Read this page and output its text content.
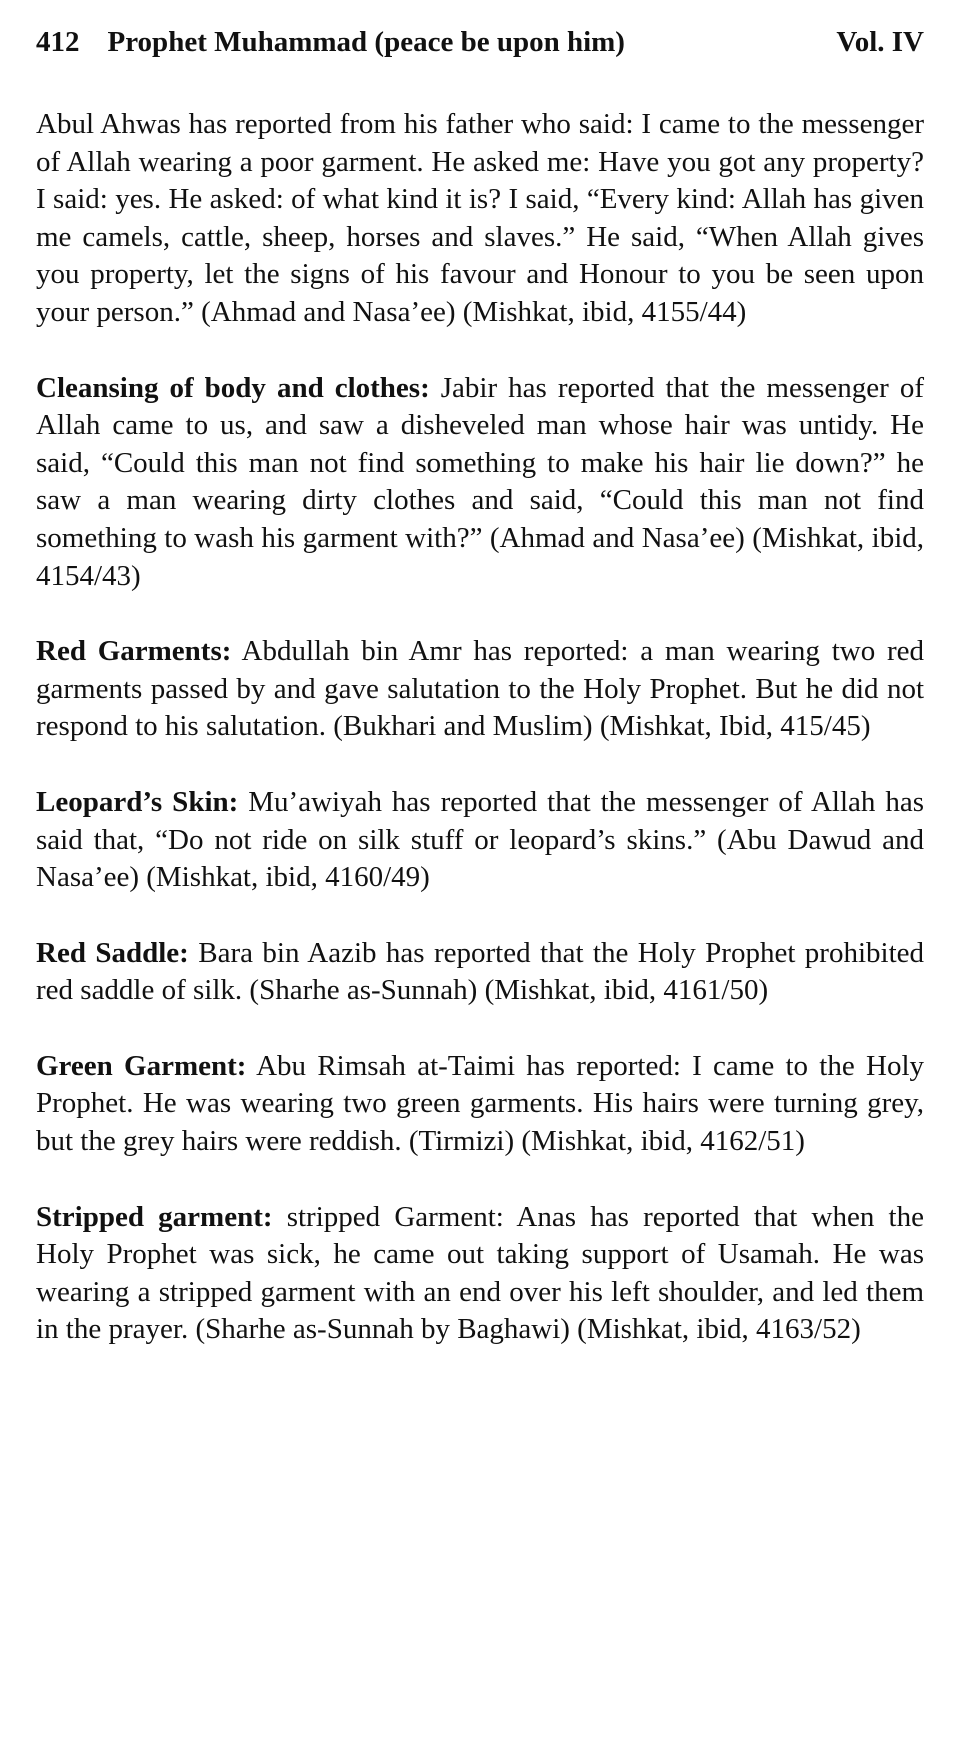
412 Prophet Muhammad (peace be upon him)	Vol. IV

Abul Ahwas has reported from his father who said: I came to the messenger of Allah wearing a poor garment. He asked me: Have you got any property? I said: yes. He asked: of what kind it is? I said, “Every kind: Allah has given me camels, cattle, sheep, horses and slaves.” He said, “When Allah gives you property, let the signs of his favour and Honour to you be seen upon your person.” (Ahmad and Nasa’ee) (Mishkat, ibid, 4155/44)

Cleansing of body and clothes: Jabir has reported that the messenger of Allah came to us, and saw a disheveled man whose hair was untidy. He said, “Could this man not find something to make his hair lie down?” he saw a man wearing dirty clothes and said, “Could this man not find something to wash his garment with?” (Ahmad and Nasa’ee) (Mishkat, ibid, 4154/43)

Red Garments: Abdullah bin Amr has reported: a man wearing two red garments passed by and gave salutation to the Holy Prophet. But he did not respond to his salutation. (Bukhari and Muslim) (Mishkat, Ibid, 415/45)

Leopard’s Skin: Mu’awiyah has reported that the messenger of Allah has said that, “Do not ride on silk stuff or leopard’s skins.” (Abu Dawud and Nasa’ee) (Mishkat, ibid, 4160/49)

Red Saddle: Bara bin Aazib has reported that the Holy Prophet prohibited red saddle of silk. (Sharhe as-Sunnah) (Mishkat, ibid, 4161/50)

Green Garment: Abu Rimsah at-Taimi has reported: I came to the Holy Prophet. He was wearing two green garments. His hairs were turning grey, but the grey hairs were reddish. (Tirmizi) (Mishkat, ibid, 4162/51)

Stripped garment: stripped Garment: Anas has reported that when the Holy Prophet was sick, he came out taking support of Usamah. He was wearing a stripped garment with an end over his left shoulder, and led them in the prayer. (Sharhe as-Sunnah by Baghawi) (Mishkat, ibid, 4163/52)
